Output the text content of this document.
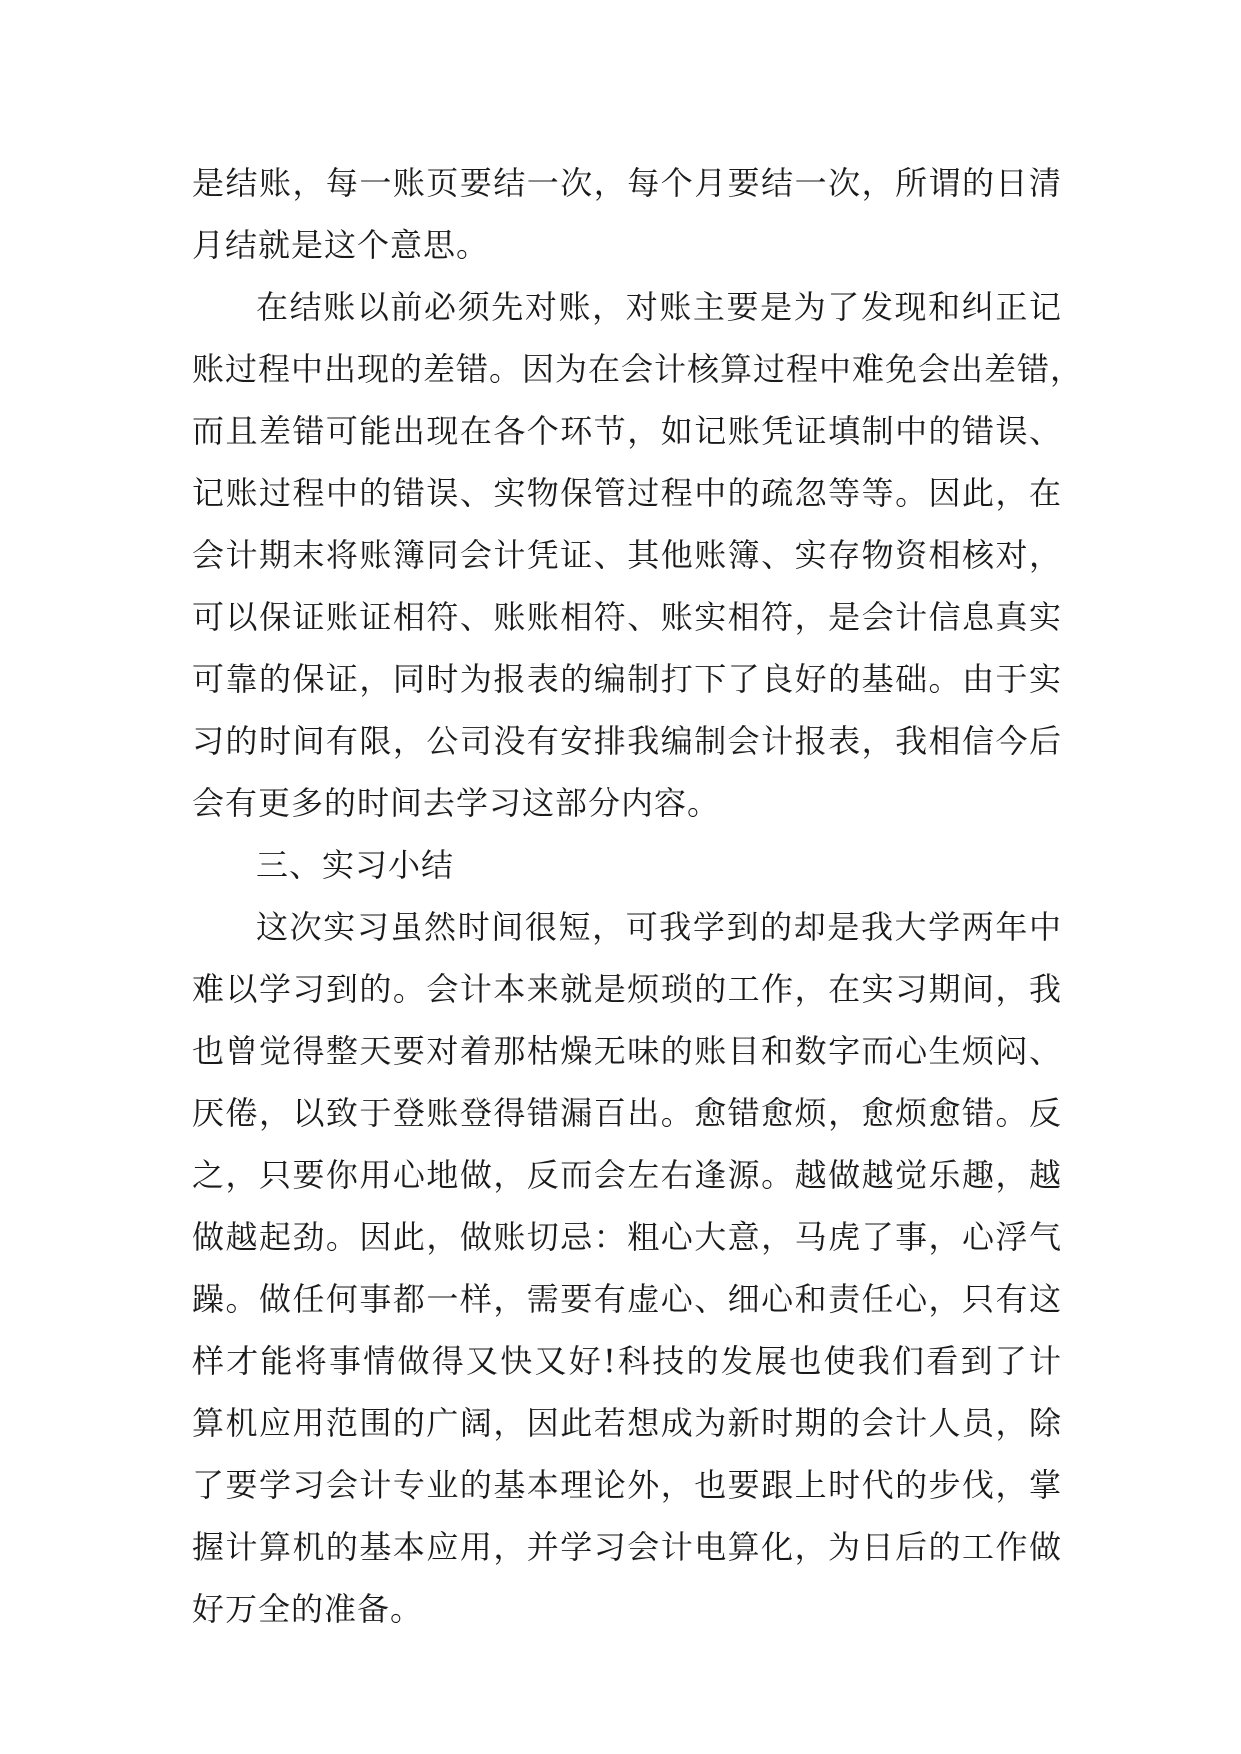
是结账，每一账页要结一次，每个月要结一次，所谓的日清
月结就是这个意思。
在结账以前必须先对账，对账主要是为了发现和纠正记
账过程中出现的差错。因为在会计核算过程中难免会出差错，
而且差错可能出现在各个环节，如记账凭证填制中的错误、
记账过程中的错误、实物保管过程中的疏忽等等。因此，在
会计期末将账簿同会计凭证、其他账簿、实存物资相核对，
可以保证账证相符、账账相符、账实相符，是会计信息真实
可靠的保证，同时为报表的编制打下了良好的基础。由于实
习的时间有限，公司没有安排我编制会计报表，我相信今后
会有更多的时间去学习这部分内容。
三、实习小结
这次实习虽然时间很短，可我学到的却是我大学两年中
难以学习到的。会计本来就是烦琐的工作，在实习期间，我
也曾觉得整天要对着那枯燥无味的账目和数字而心生烦闷、
厌倦，以致于登账登得错漏百出。愈错愈烦，愈烦愈错。反
之，只要你用心地做，反而会左右逢源。越做越觉乐趣，越
做越起劲。因此，做账切忌：粗心大意，马虎了事，心浮气
躁。做任何事都一样，需要有虚心、细心和责任心，只有这
样才能将事情做得又快又好!科技的发展也使我们看到了计
算机应用范围的广阔，因此若想成为新时期的会计人员，除
了要学习会计专业的基本理论外，也要跟上时代的步伐，掌
握计算机的基本应用，并学习会计电算化，为日后的工作做
好万全的准备。
